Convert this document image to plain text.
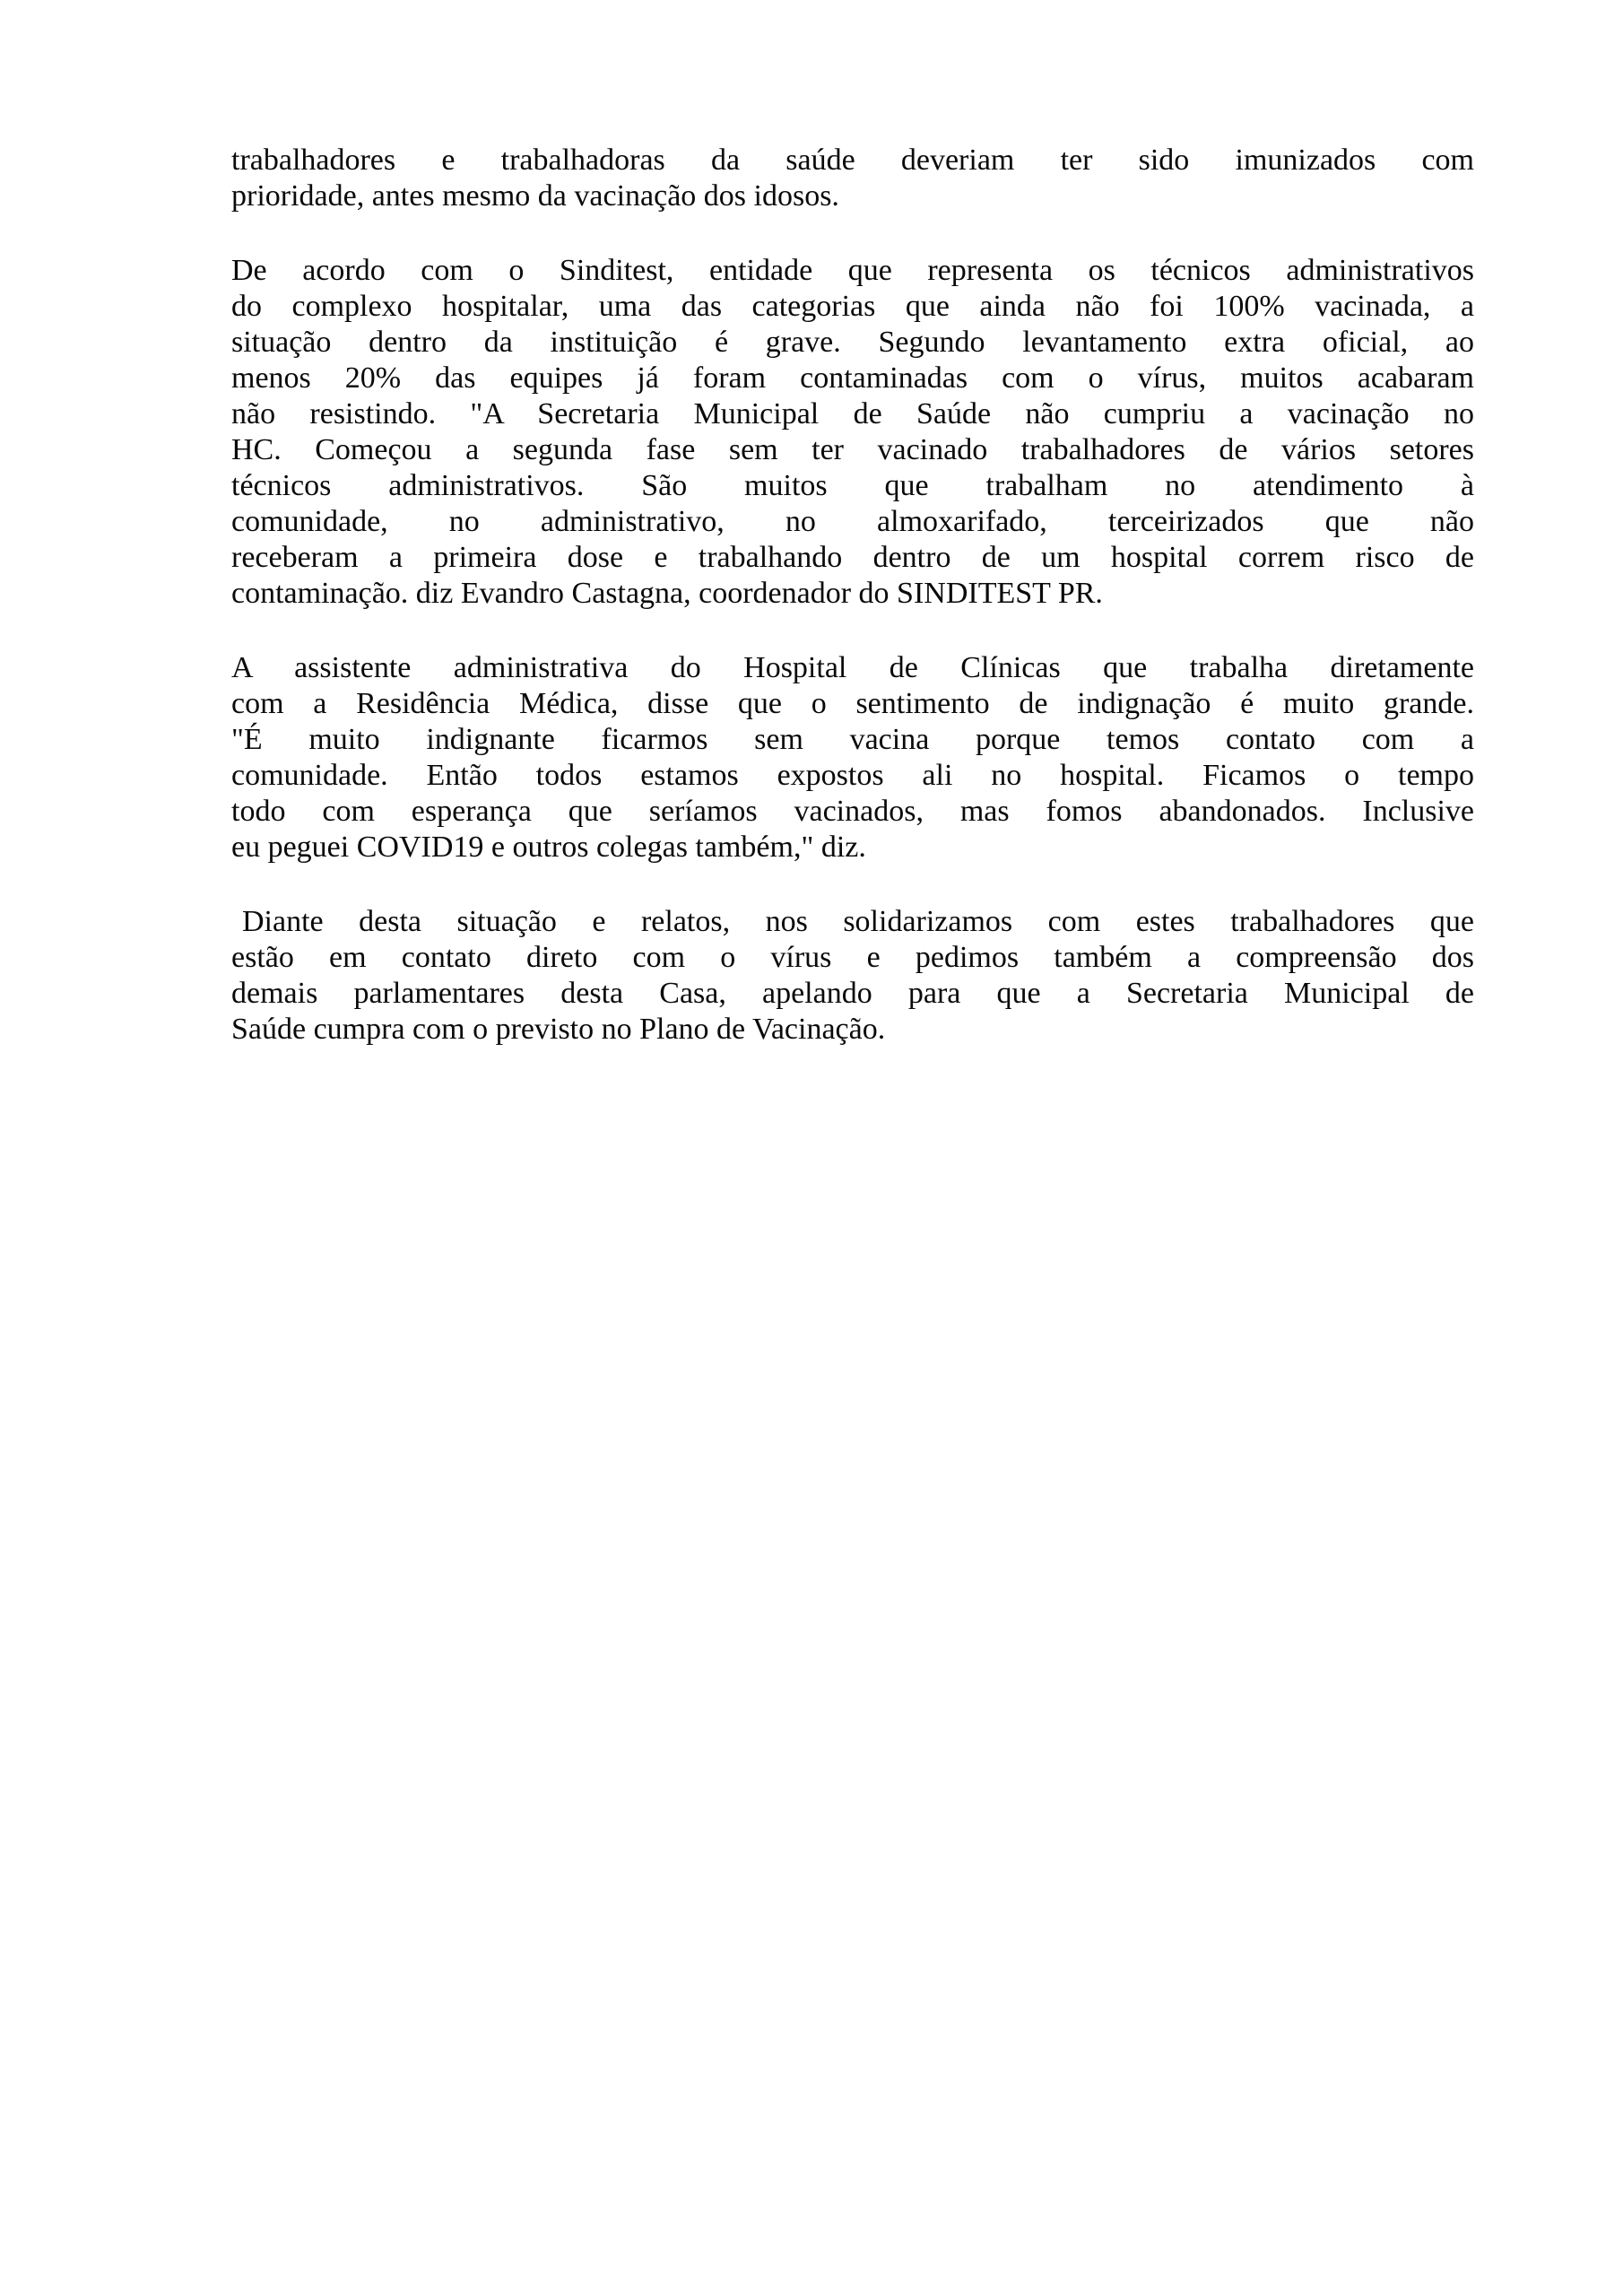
trabalhadores e trabalhadoras da saúde deveriam ter sido imunizados com
prioridade, antes mesmo da vacinação dos idosos.
De acordo com o Sinditest, entidade que representa os técnicos administrativos
do complexo hospitalar, uma das categorias que ainda não foi 100% vacinada, a
situação dentro da instituição é grave. Segundo levantamento extra oficial, ao
menos 20% das equipes já foram contaminadas com o vírus, muitos acabaram
não resistindo. "A Secretaria Municipal de Saúde não cumpriu a vacinação no
HC. Começou a segunda fase sem ter vacinado trabalhadores de vários setores
técnicos administrativos. São muitos que trabalham no atendimento à
comunidade, no administrativo, no almoxarifado, terceirizados que não
receberam a primeira dose e trabalhando dentro de um hospital correm risco de
contaminação. diz Evandro Castagna, coordenador do SINDITEST PR.
A assistente administrativa do Hospital de Clínicas que trabalha diretamente
com a Residência Médica, disse que o sentimento de indignação é muito grande.
"É muito indignante ficarmos sem vacina porque temos contato com a
comunidade. Então todos estamos expostos ali no hospital. Ficamos o tempo
todo com esperança que seríamos vacinados, mas fomos abandonados. Inclusive
eu peguei COVID19 e outros colegas também," diz.
Diante desta situação e relatos, nos solidarizamos com estes trabalhadores que
estão em contato direto com o vírus e pedimos também a compreensão dos
demais parlamentares desta Casa, apelando para que a Secretaria Municipal de
Saúde cumpra com o previsto no Plano de Vacinação.
